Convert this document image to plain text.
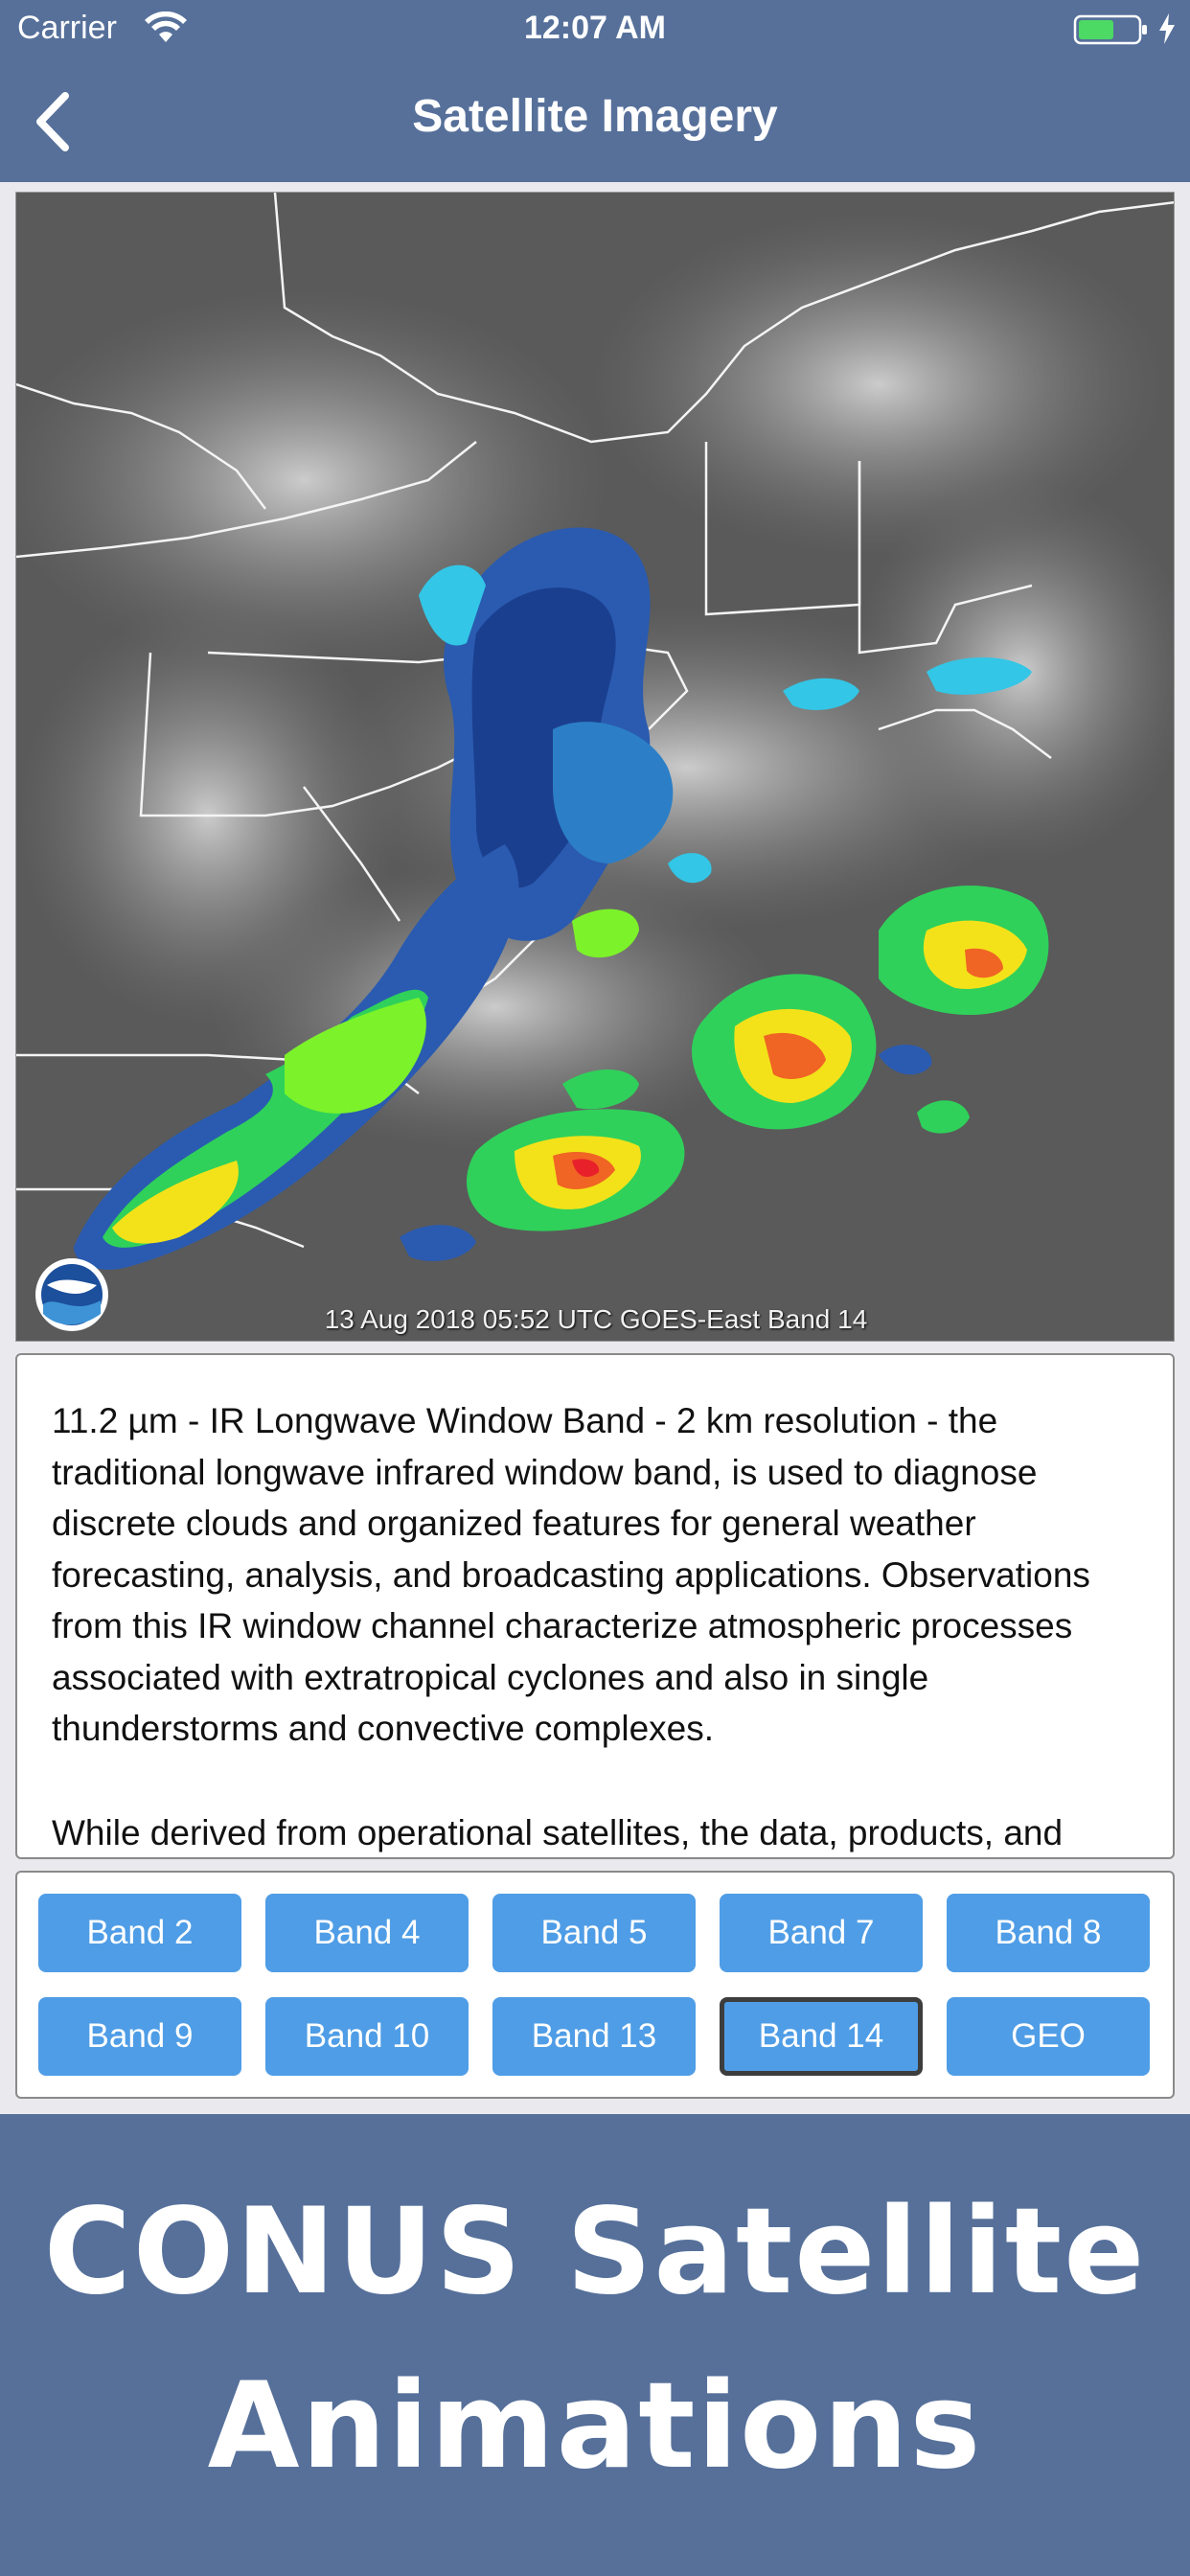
Carrier	12:07 AM
Satellite Imagery
13 Aug 2018 05:52 UTC GOES-East Band 14

11.2 µm - IR Longwave Window Band - 2 km resolution - the traditional longwave infrared window band, is used to diagnose discrete clouds and organized features for general weather forecasting, analysis, and broadcasting applications. Observations from this IR window channel characterize atmospheric processes associated with extratropical cyclones and also in single thunderstorms and convective complexes.

While derived from operational satellites, the data, products, and

Band 2	Band 4	Band 5	Band 7	Band 8
Band 9	Band 10	Band 13	Band 14	GEO
CONUS Satellite
Animations
